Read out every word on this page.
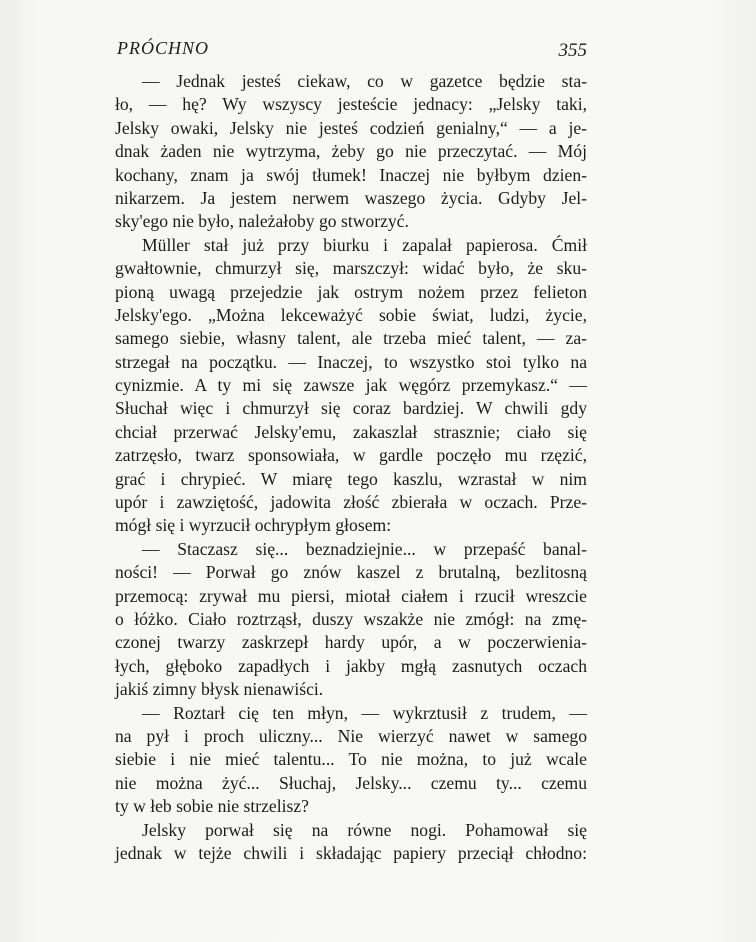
PRÓCHNO	355
— Jednak jesteś ciekaw, co w gazetce będzie sta-
ło, — hę? Wy wszyscy jesteście jednacy: „Jelsky taki,
Jelsky owaki, Jelsky nie jesteś codzień genialny,“ — a je-
dnak żaden nie wytrzyma, żeby go nie przeczytać. — Mój
kochany, znam ja swój tłumek! Inaczej nie byłbym dzien-
nikarzem. Ja jestem nerwem waszego życia. Gdyby Jel-
sky'ego nie było, należałoby go stworzyć.
Müller stał już przy biurku i zapalał papierosa. Ćmił
gwałtownie, chmurzył się, marszczył: widać było, że sku-
pioną uwagą przejedzie jak ostrym nożem przez felieton
Jelsky'ego. „Można lekceważyć sobie świat, ludzi, życie,
samego siebie, własny talent, ale trzeba mieć talent, — za-
strzegał na początku. — Inaczej, to wszystko stoi tylko na
cynizmie. A ty mi się zawsze jak węgórz przemykasz.“ —
Słuchał więc i chmurzył się coraz bardziej. W chwili gdy
chciał przerwać Jelsky'emu, zakaszlał strasznie; ciało się
zatrzęsło, twarz sponsowiała, w gardle poczęło mu rzęzić,
grać i chrypieć. W miarę tego kaszlu, wzrastał w nim
upór i zawziętość, jadowita złość zbierała w oczach. Prze-
mógł się i wyrzucił ochrypłym głosem:
— Staczasz się... beznadziejnie... w przepaść banal-
ności! — Porwał go znów kaszel z brutalną, bezlitosną
przemocą: zrywał mu piersi, miotał ciałem i rzucił wreszcie
o łóżko. Ciało roztrząsł, duszy wszakże nie zmógł: na zmę-
czonej twarzy zaskrzepł hardy upór, a w poczerwienia-
łych, głęboko zapadłych i jakby mgłą zasnutych oczach
jakiś zimny błysk nienawiści.
— Roztarł cię ten młyn, — wykrztusił z trudem, —
na pył i proch uliczny... Nie wierzyć nawet w samego
siebie i nie mieć talentu... To nie można, to już wcale
nie można żyć... Słuchaj, Jelsky... czemu ty... czemu
ty w łeb sobie nie strzelisz?
Jelsky porwał się na równe nogi. Pohamował się
jednak w tejże chwili i składając papiery przeciął chłodno:
